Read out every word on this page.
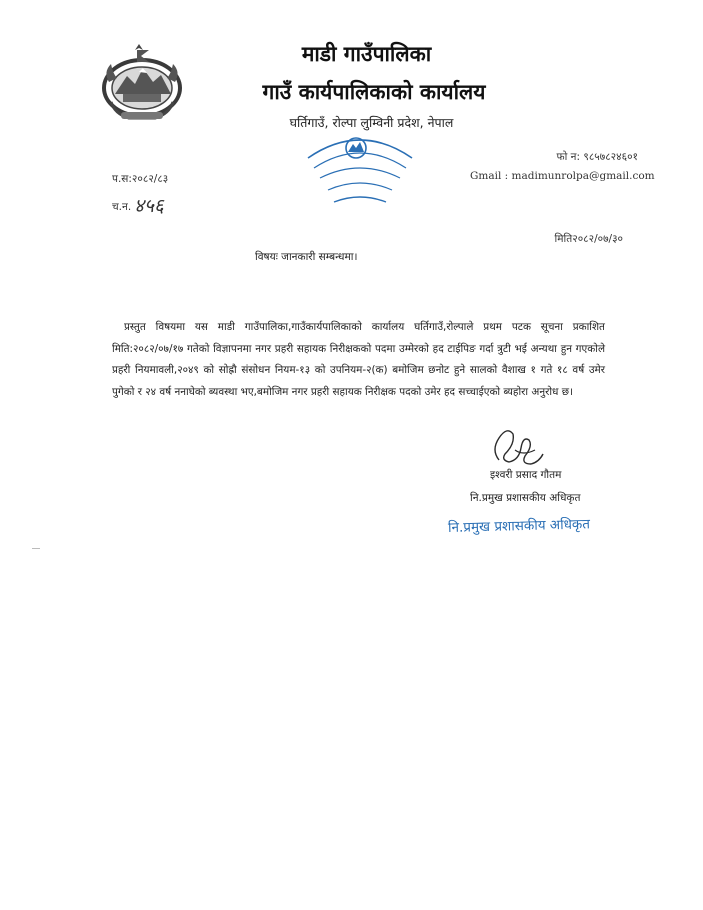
माडी गाउँपालिका
गाउँ कार्यपालिकाको कार्यालय
घर्तिगाउँ, रोल्पा लुम्विनी प्रदेश, नेपाल
फो न: ९८५७८२४६०१
Gmail : madimunrolpa@gmail.com
प.स:२०८२/८३
च.न. ४५६
मिति२०८२/०७/३०
विषयः जानकारी सम्बन्धमा।
प्रस्तुत विषयमा यस माडी गाउँपालिका,गाउँकार्यपालिकाको कार्यालय घर्तिगाउँ,रोल्पाले प्रथम पटक सूचना प्रकाशित मिति:२०८२/०७/१७ गतेको विज्ञापनमा नगर प्रहरी सहायक निरीक्षकको पदमा उम्मेरको हद टाईपिङ गर्दा त्रुटी भई अन्यथा हुन गएकोले प्रहरी नियमावली,२०४९ को सोह्रौ संसोधन नियम-१३ को उपनियम-२(क) बमोजिम छनोट हुने सालको वैशाख १ गते १८ वर्ष उमेर पुगेको र २४ वर्ष ननाघेको ब्यवस्था भए,बमोजिम नगर प्रहरी सहायक निरीक्षक पदको उमेर हद सच्चाईएको ब्यहोरा अनुरोध छ।
इश्वरी प्रसाद गौतम
नि.प्रमुख प्रशासकीय अधिकृत
नि.प्रमुख प्रशासकीय अधिकृत
